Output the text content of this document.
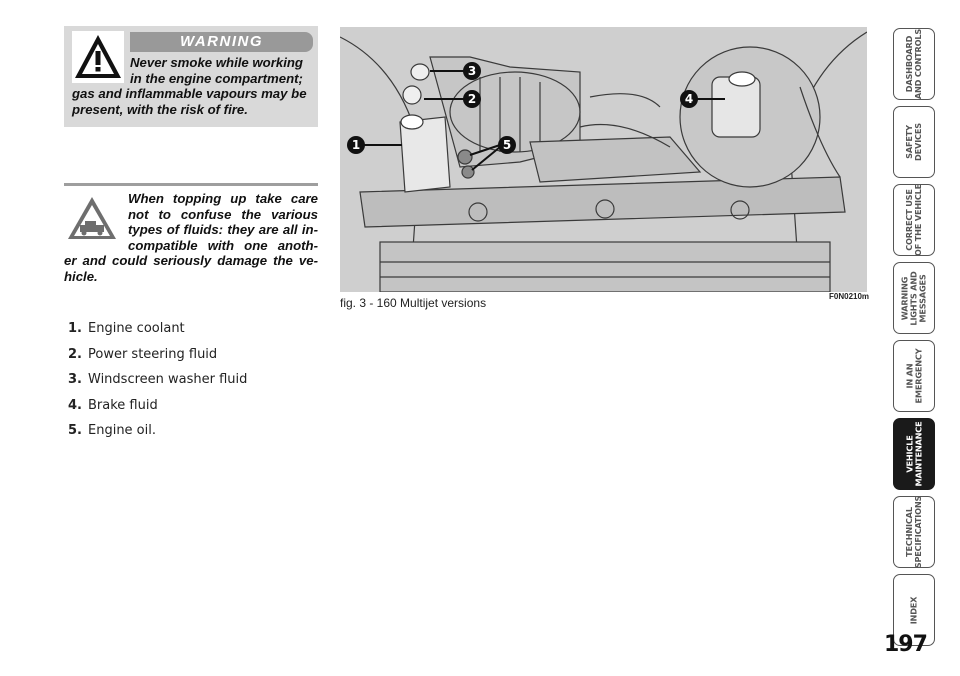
WARNING
Never smoke while working
in the engine compartment;
gas and inflammable vapours may be
present, with the risk of fire.
When topping up take care
not to confuse the various
types of fluids: they are all in-
compatible with one anoth-
er and could seriously damage the ve-
hicle.
1. Engine coolant
2. Power steering fluid
3. Windscreen washer fluid
4. Brake fluid
5. Engine oil.
1
2
3
4
5
fig. 3 - 160 Multijet versions	F0N0210m
DASHBOARD
AND CONTROLS
SAFETY
DEVICES
CORRECT USE
OF THE VEHICLE
WARNING
LIGHTS AND
MESSAGES
IN AN
EMERGENCY
VEHICLE
MAINTENANCE
TECHNICAL
SPECIFICATIONS
INDEX
197
